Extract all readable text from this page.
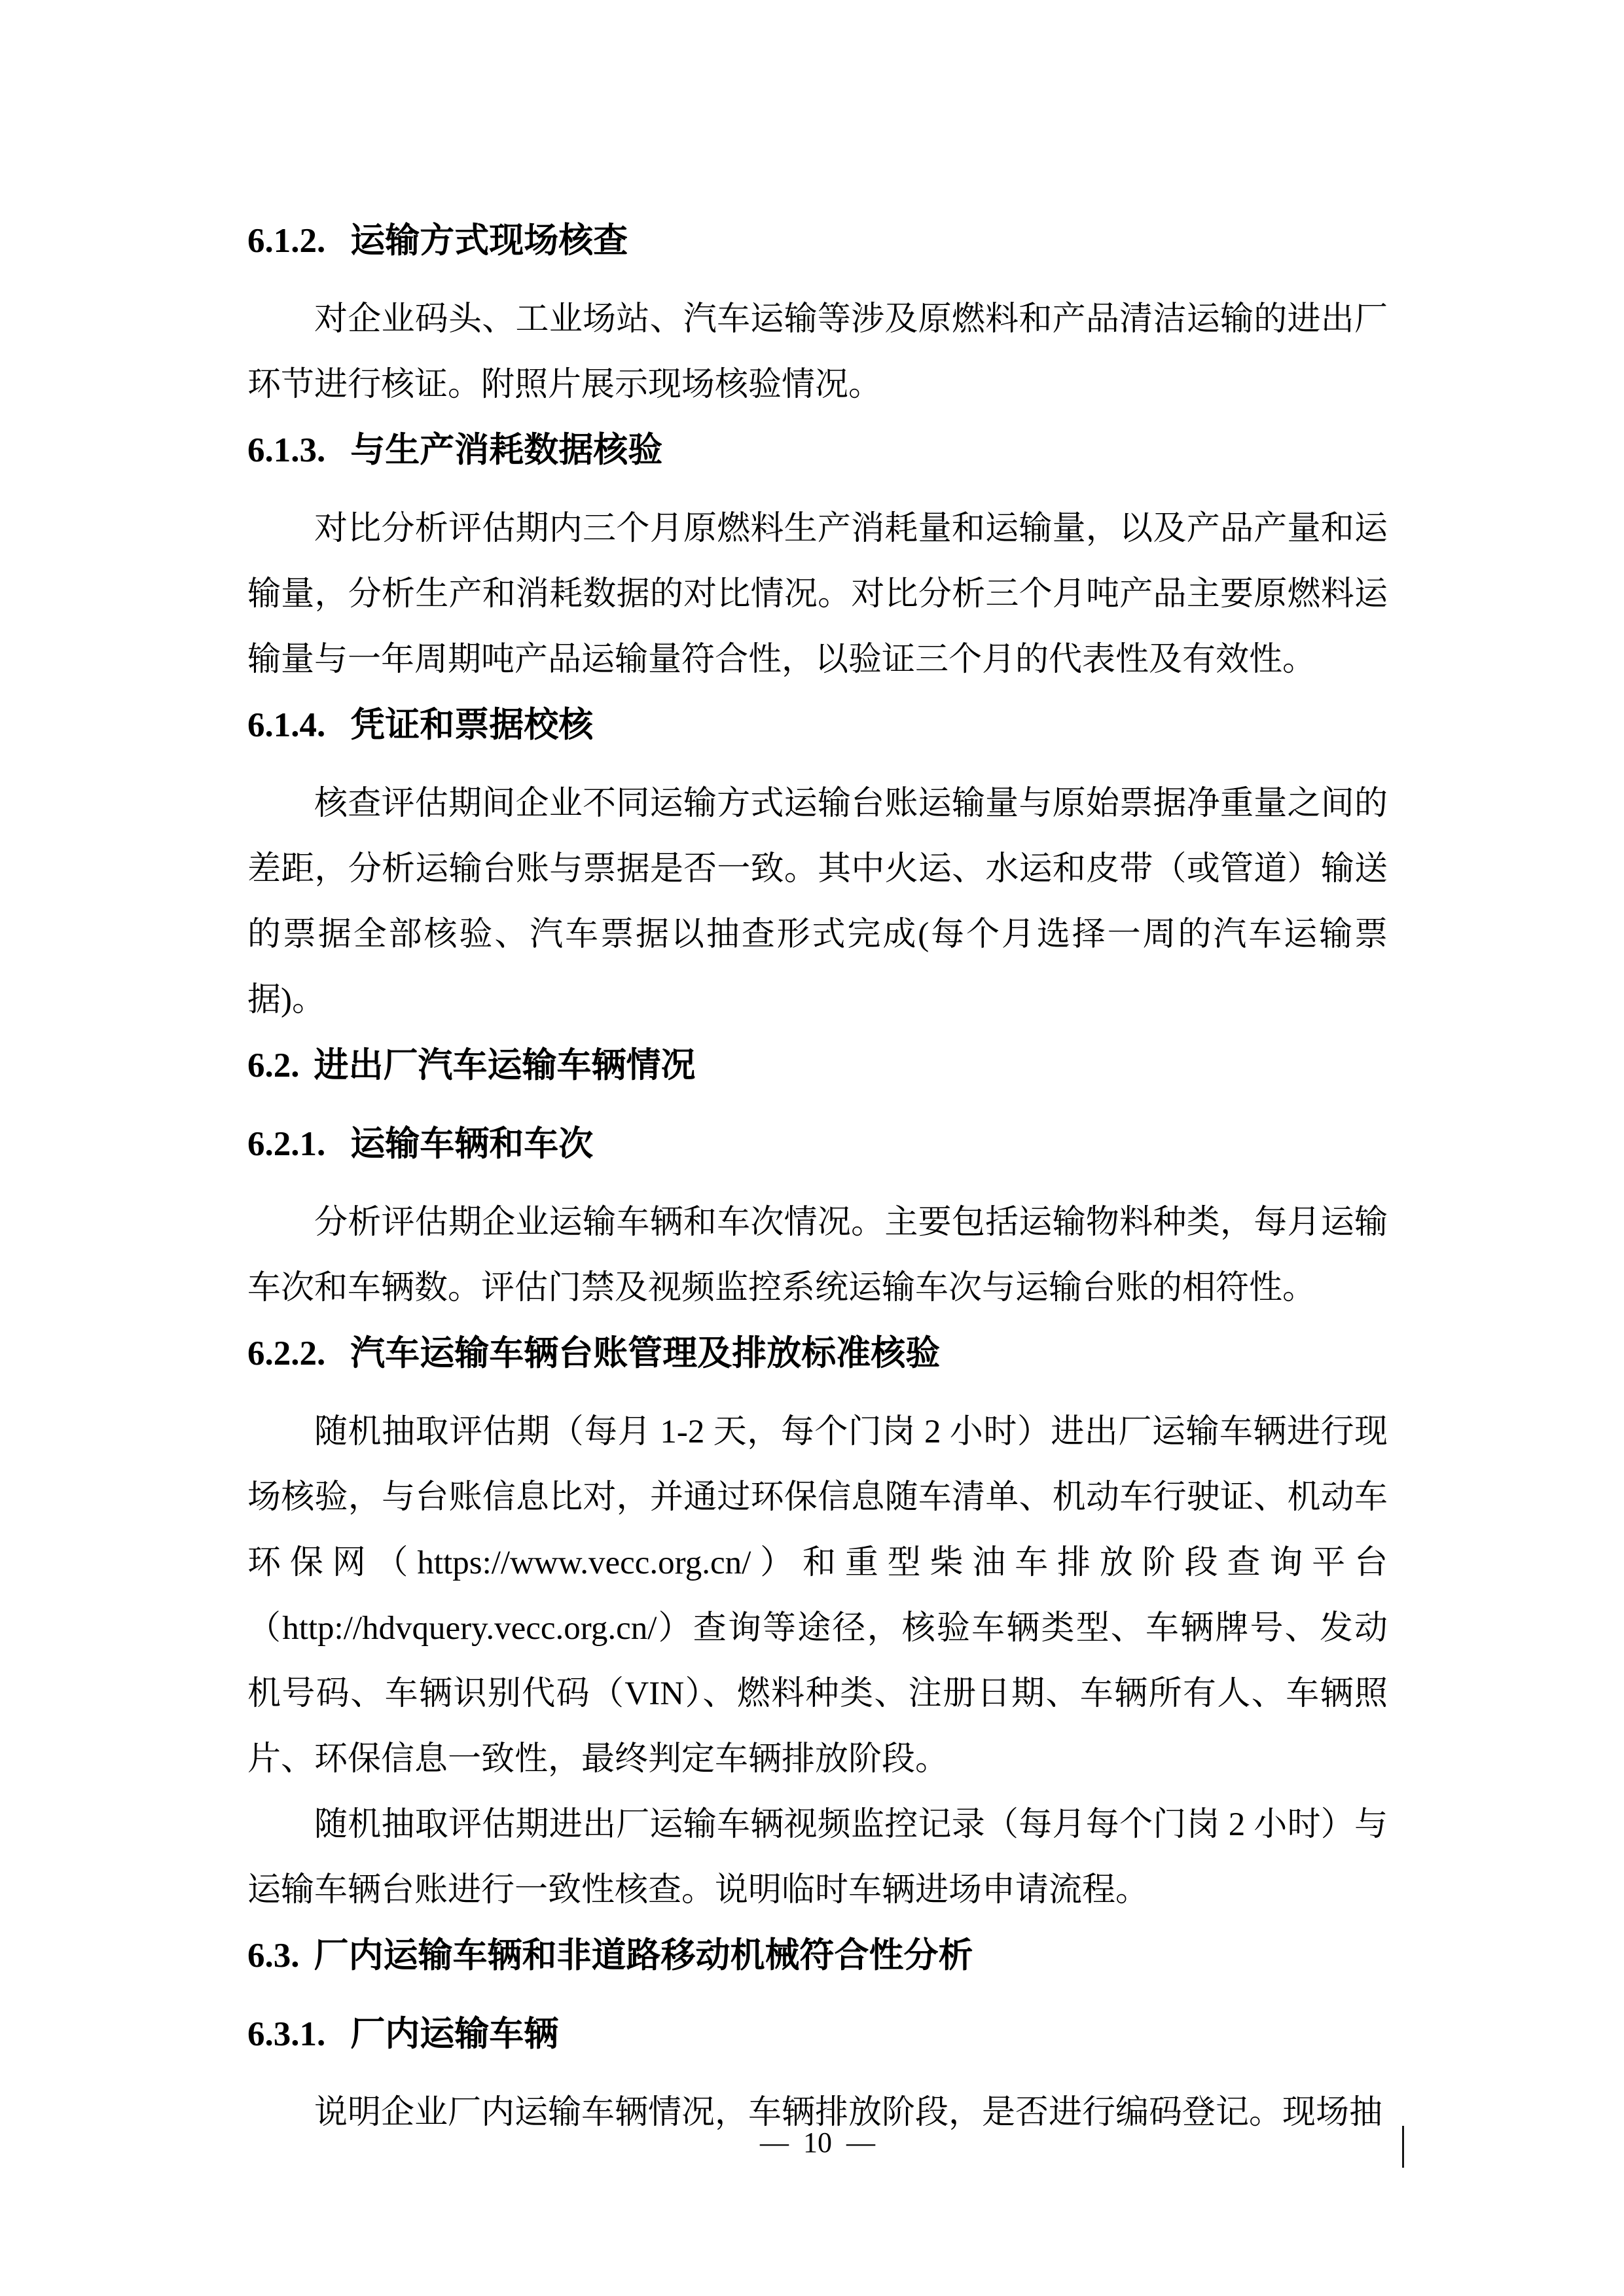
6.1.2. 运输方式现场核查

对企业码头、工业场站、汽车运输等涉及原燃料和产品清洁运输的进出厂环节进行核证。附照片展示现场核验情况。

6.1.3. 与生产消耗数据核验

对比分析评估期内三个月原燃料生产消耗量和运输量，以及产品产量和运输量，分析生产和消耗数据的对比情况。对比分析三个月吨产品主要原燃料运输量与一年周期吨产品运输量符合性，以验证三个月的代表性及有效性。

6.1.4. 凭证和票据校核

核查评估期间企业不同运输方式运输台账运输量与原始票据净重量之间的差距，分析运输台账与票据是否一致。其中火运、水运和皮带（或管道）输送的票据全部核验、汽车票据以抽查形式完成(每个月选择一周的汽车运输票据)。

6.2. 进出厂汽车运输车辆情况
6.2.1. 运输车辆和车次

分析评估期企业运输车辆和车次情况。主要包括运输物料种类，每月运输车次和车辆数。评估门禁及视频监控系统运输车次与运输台账的相符性。

6.2.2. 汽车运输车辆台账管理及排放标准核验

随机抽取评估期（每月 1-2 天，每个门岗 2 小时）进出厂运输车辆进行现场核验，与台账信息比对，并通过环保信息随车清单、机动车行驶证、机动车环保网（https://www.vecc.org.cn/）和重型柴油车排放阶段查询平台（http://hdvquery.vecc.org.cn/）查询等途径，核验车辆类型、车辆牌号、发动机号码、车辆识别代码（VIN）、燃料种类、注册日期、车辆所有人、车辆照片、环保信息一致性，最终判定车辆排放阶段。

随机抽取评估期进出厂运输车辆视频监控记录（每月每个门岗 2 小时）与运输车辆台账进行一致性核查。说明临时车辆进场申请流程。

6.3. 厂内运输车辆和非道路移动机械符合性分析
6.3.1. 厂内运输车辆

说明企业厂内运输车辆情况，车辆排放阶段，是否进行编码登记。现场抽

— 10 —
